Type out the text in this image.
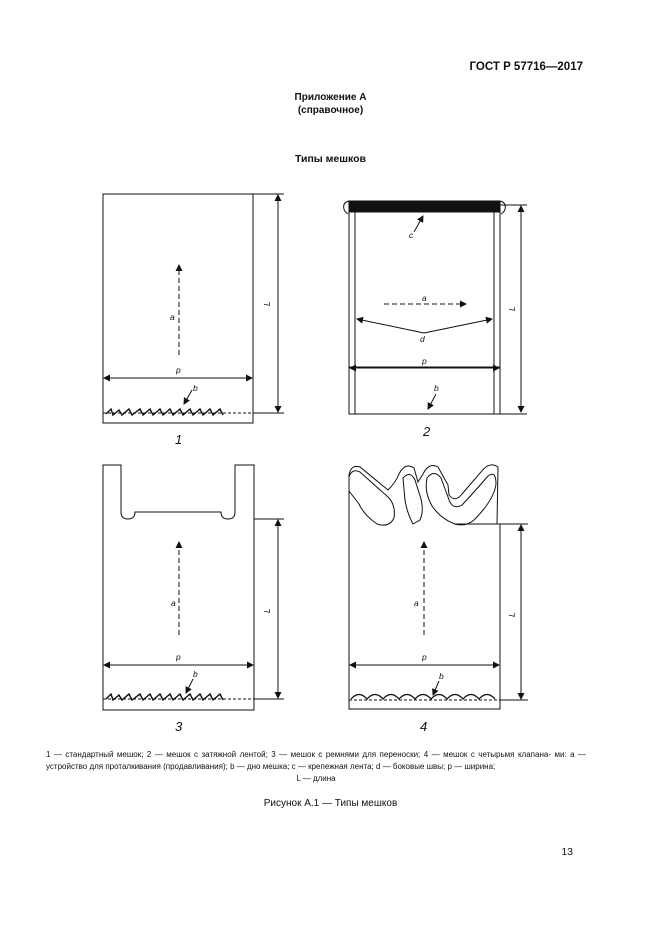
ГОСТ Р 57716—2017
Приложение А
(справочное)
Типы мешков
a
p
b
L
a
d
p
c
b
L
a
p
b
L
a
p
b
L
1
2
3	4
1 — стандартный мешок; 2 — мешок с затяжной лентой; 3 — мешок с ремнями для переноски; 4 — мешок с четырьмя клапана- ми: a — устройство для проталкивания (продавливания); b — дно мешка; c — крепежная лента; d — боковые швы; p — ширина;
L — длина
Рисунок А.1 — Типы мешков
13
